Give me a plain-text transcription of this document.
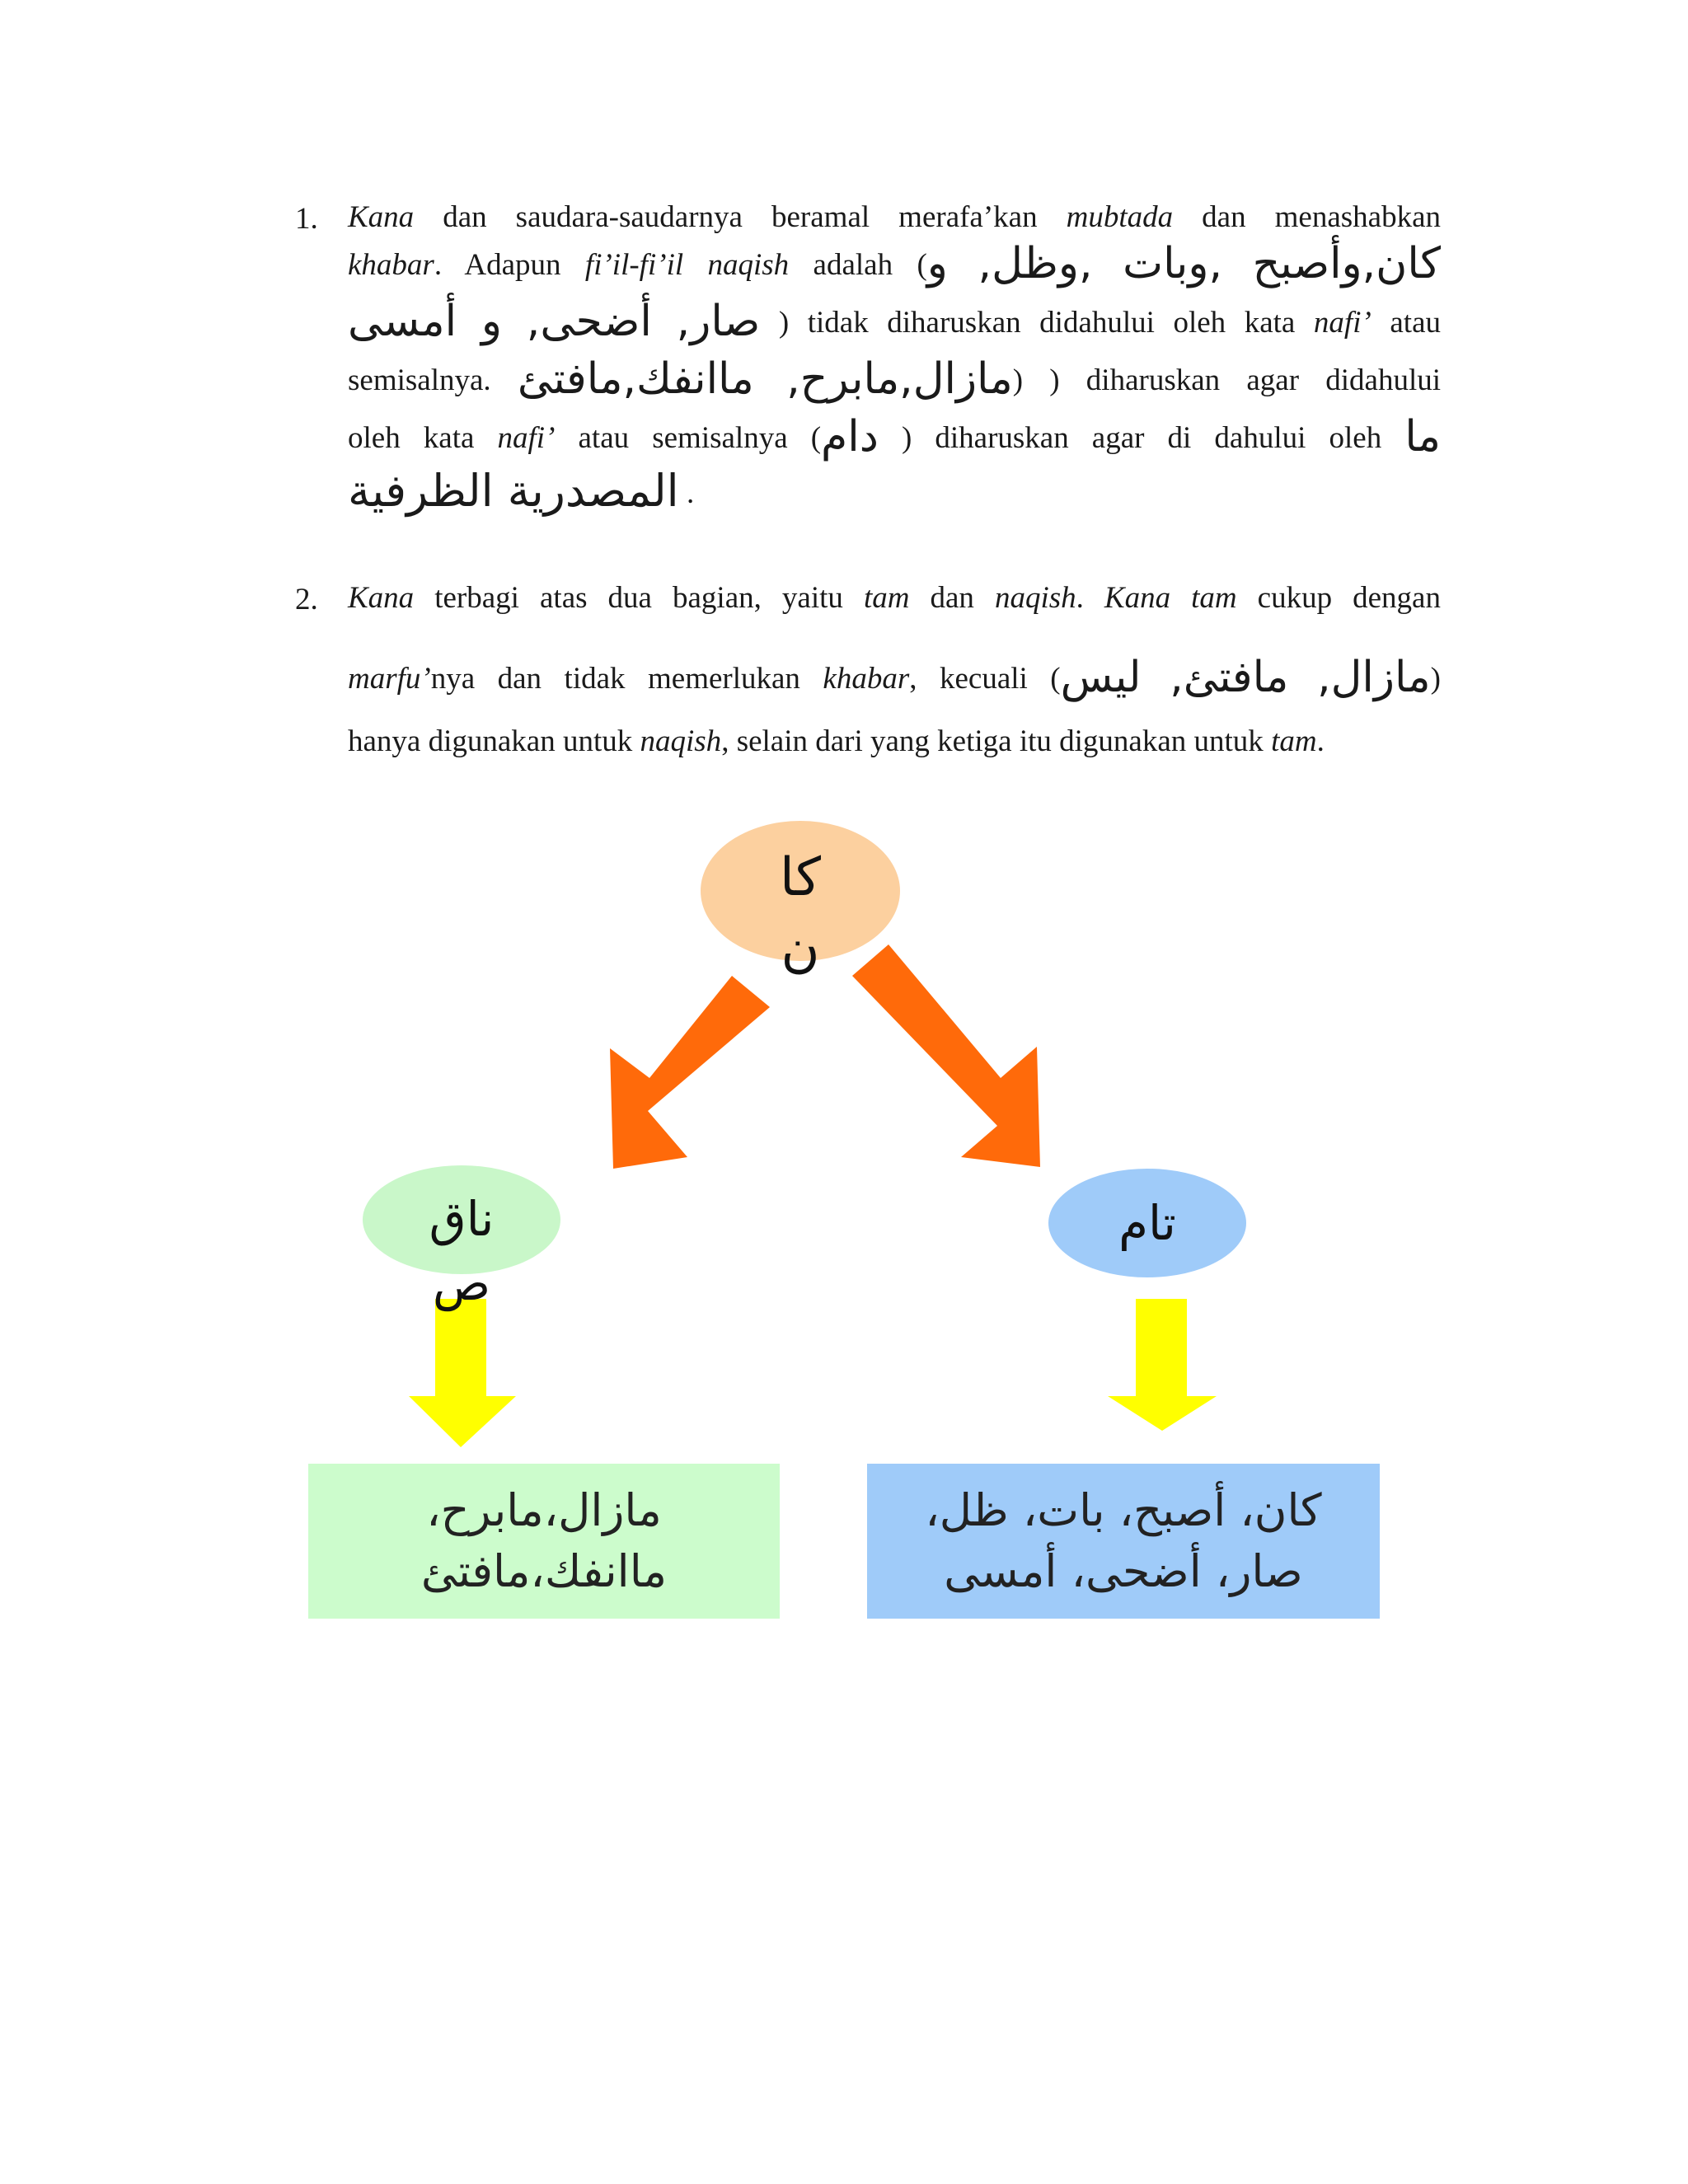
1. Kana dan saudara-saudarnya beramal merafa’kan mubtada dan menashabkan
khabar. Adapun fi’il-fi’il naqish adalah (كان,وأصبح ,وبات ,وظل, و
صار, أضحى, و أمسى ) tidak diharuskan didahului oleh kata nafi’ atau
semisalnya. مازال,مابرح, ماانفك,مافتئ) ) diharuskan agar didahului
oleh kata nafi’ atau semisalnya (دام ) diharuskan agar di dahului oleh ما
المصدرية الظرفية .
2. Kana terbagi atas dua bagian, yaitu tam dan naqish. Kana tam cukup dengan
marfu’nya dan tidak memerlukan khabar, kecuali (مازال, مافتئ, ليس)
hanya digunakan untuk naqish, selain dari yang ketiga itu digunakan untuk tam.
كا
ن
ناق
ص
تام
مازال،مابرح،
ماانفك،مافتئ
كان، أصبح، بات، ظل،
صار، أضحى، أمسى
